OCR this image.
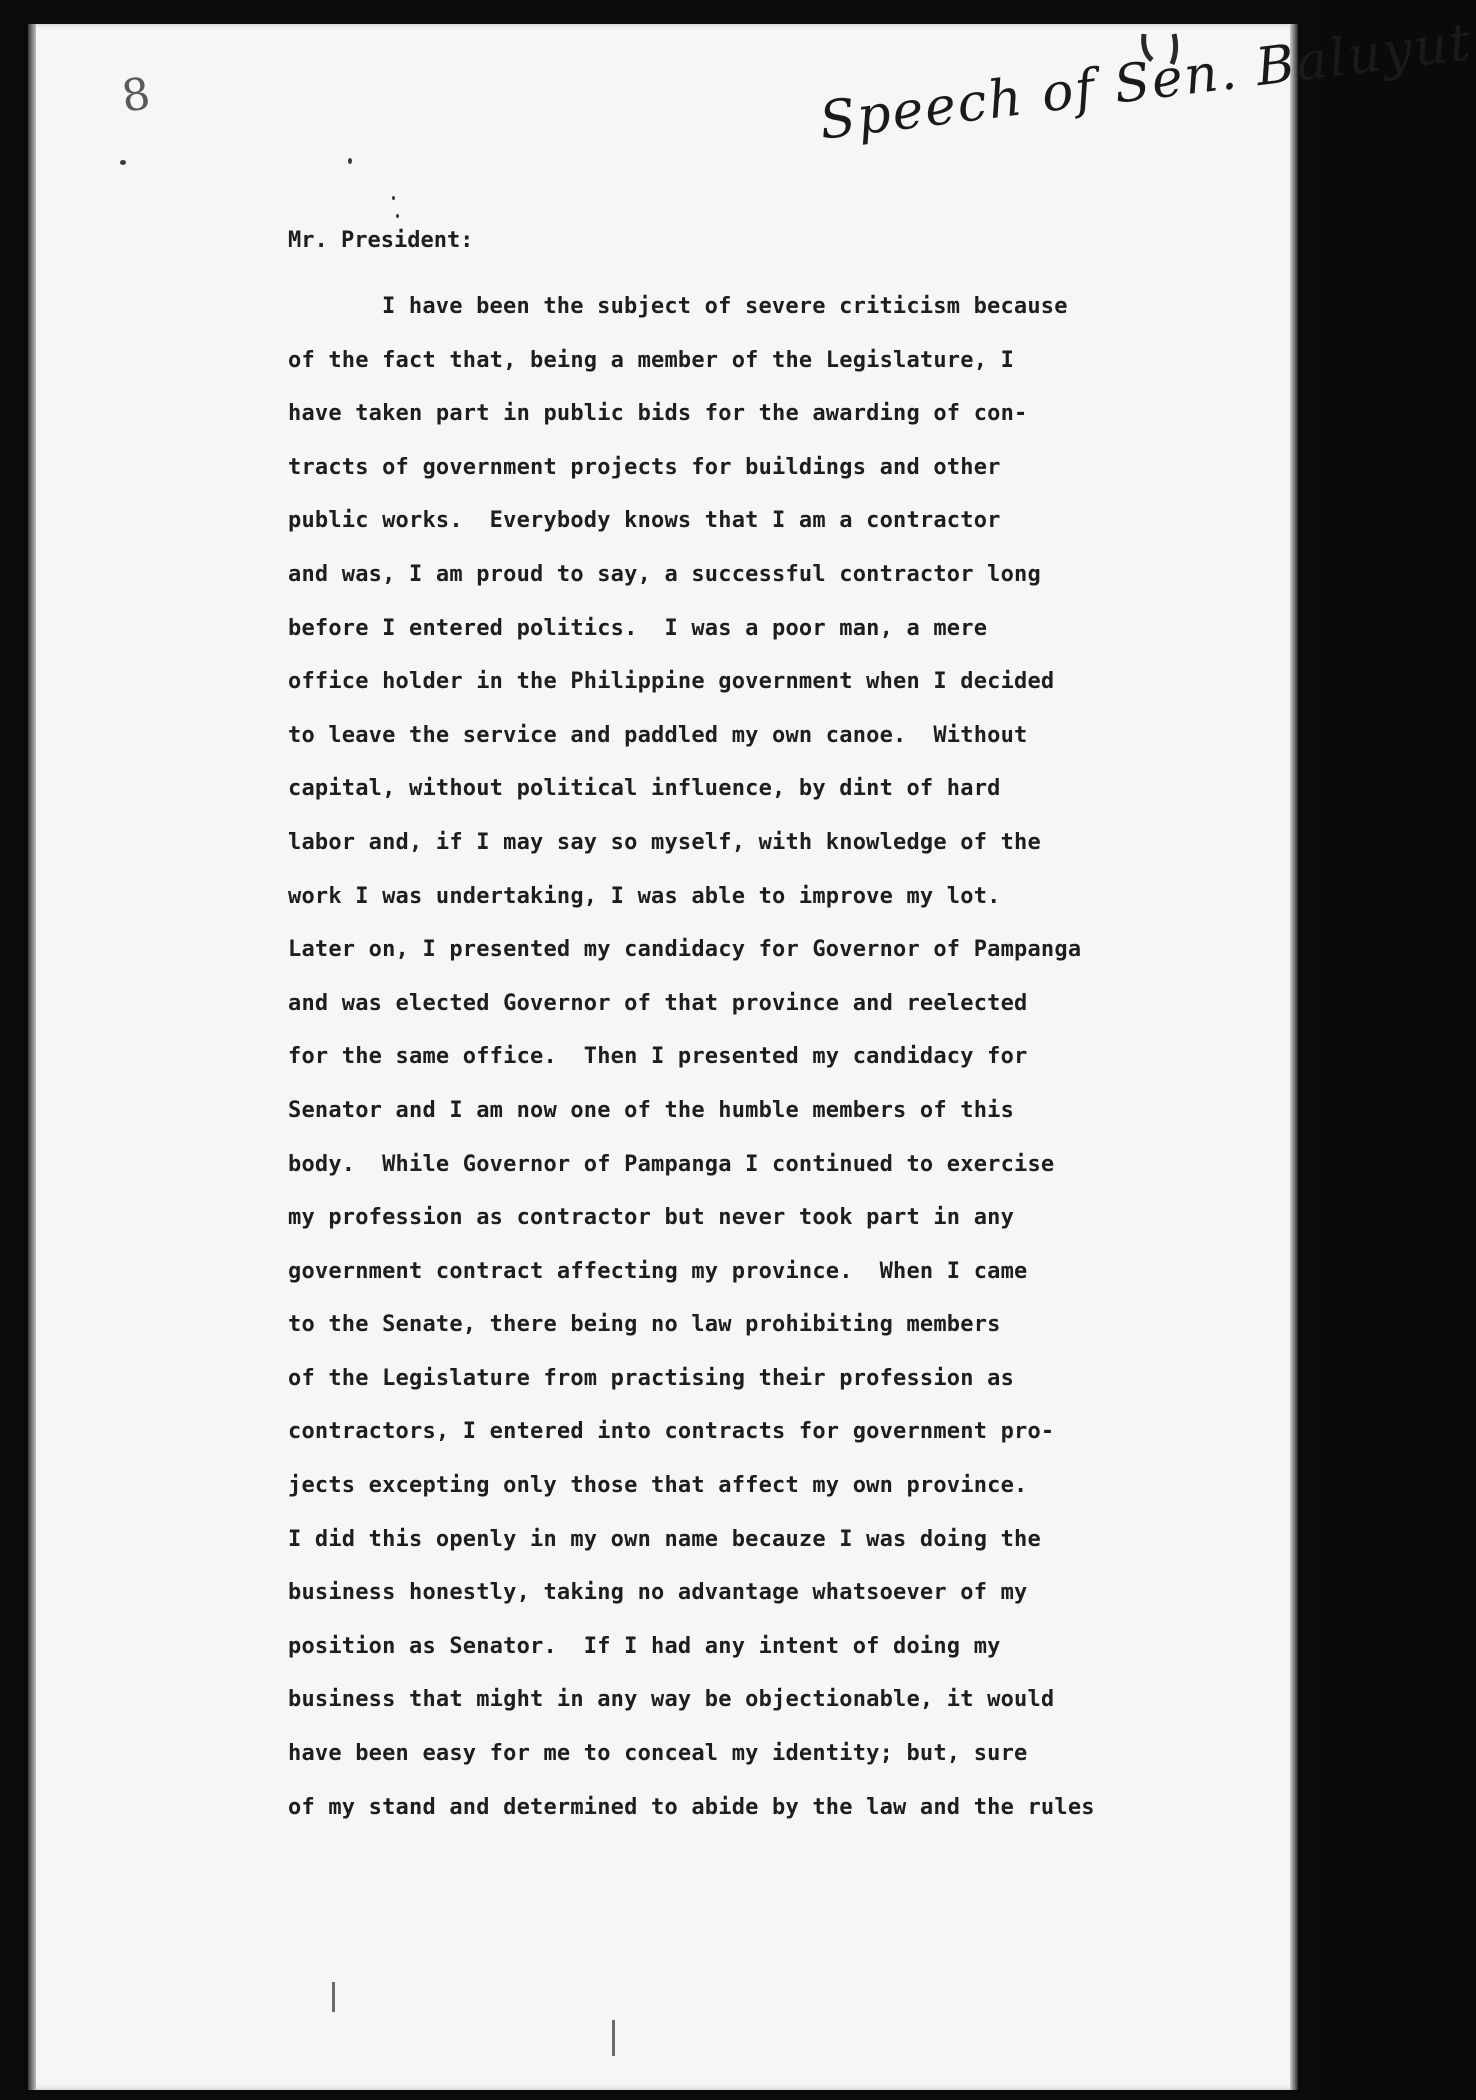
8	Speech of Sen. Baluyut
Mr. President:
I have been the subject of severe criticism because
of the fact that, being a member of the Legislature, I
have taken part in public bids for the awarding of con-
tracts of government projects for buildings and other
public works.  Everybody knows that I am a contractor
and was, I am proud to say, a successful contractor long
before I entered politics.  I was a poor man, a mere
office holder in the Philippine government when I decided
to leave the service and paddled my own canoe.  Without
capital, without political influence, by dint of hard
labor and, if I may say so myself, with knowledge of the
work I was undertaking, I was able to improve my lot.
Later on, I presented my candidacy for Governor of Pampanga
and was elected Governor of that province and reelected
for the same office.  Then I presented my candidacy for
Senator and I am now one of the humble members of this
body.  While Governor of Pampanga I continued to exercise
my profession as contractor but never took part in any
government contract affecting my province.  When I came
to the Senate, there being no law prohibiting members
of the Legislature from practising their profession as
contractors, I entered into contracts for government pro-
jects excepting only those that affect my own province.
I did this openly in my own name becauze I was doing the
business honestly, taking no advantage whatsoever of my
position as Senator.  If I had any intent of doing my
business that might in any way be objectionable, it would
have been easy for me to conceal my identity; but, sure
of my stand and determined to abide by the law and the rules
